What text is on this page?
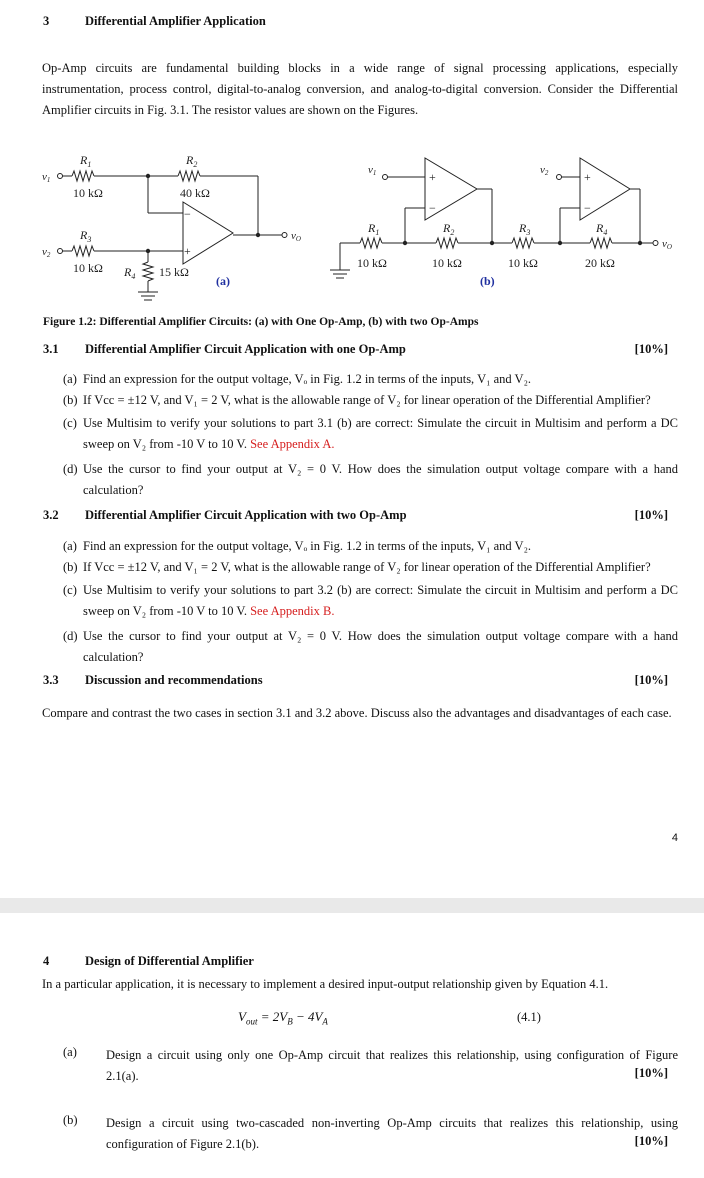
3	Differential Amplifier Application
Op-Amp circuits are fundamental building blocks in a wide range of signal processing applications, especially instrumentation, process control, digital-to-analog conversion, and analog-to-digital conversion. Consider the Differential Amplifier circuits in Fig. 3.1. The resistor values are shown on the Figures.
−
+
+
−
+
−
$R_1$
10 kΩ
$R_2$
40 kΩ
$R_3$
10 kΩ $R_4$ 15 kΩ
v1
v2
vO
(a)
$R_1$
10 kΩ
$R_2$
10 kΩ
$R_3$
10 kΩ
$R_4$
20 kΩ
v1	v2
vO
(b)
Figure 1.2: Differential Amplifier Circuits: (a) with One Op-Amp, (b) with two Op-Amps
3.1 Differential Amplifier Circuit Application with one Op-Amp	[10%]
(a) Find an expression for the output voltage, Vₒ in Fig. 1.2 in terms of the inputs, V₁ and V₂.
(b) If Vcc = ±12 V, and V₁ = 2 V, what is the allowable range of V₂ for linear operation of the Differential Amplifier?
(c) Use Multisim to verify your solutions to part 3.1 (b) are correct: Simulate the circuit in Multisim and perform a DC sweep on V₂ from -10 V to 10 V. See Appendix A.
(d) Use the cursor to find your output at V₂ = 0 V. How does the simulation output voltage compare with a hand calculation?
3.2 Differential Amplifier Circuit Application with two Op-Amp	[10%]
(a) Find an expression for the output voltage, Vₒ in Fig. 1.2 in terms of the inputs, V₁ and V₂.
(b) If Vcc = ±12 V, and V₁ = 2 V, what is the allowable range of V₂ for linear operation of the Differential Amplifier?
(c) Use Multisim to verify your solutions to part 3.2 (b) are correct: Simulate the circuit in Multisim and perform a DC sweep on V₂ from -10 V to 10 V. See Appendix B.
(d) Use the cursor to find your output at V₂ = 0 V. How does the simulation output voltage compare with a hand calculation?
3.3 Discussion and recommendations	[10%]
Compare and contrast the two cases in section 3.1 and 3.2 above. Discuss also the advantages and disadvantages of each case.
4
4	Design of Differential Amplifier
In a particular application, it is necessary to implement a desired input-output relationship given by Equation 4.1.
$V_{out} = 2V_B - 4V_A$	(4.1)
(a) Design a circuit using only one Op-Amp circuit that realizes this relationship, using configuration of Figure 2.1(a).	[10%]
(b) Design a circuit using two-cascaded non-inverting Op-Amp circuits that realizes this relationship, using configuration of Figure 2.1(b).	[10%]
